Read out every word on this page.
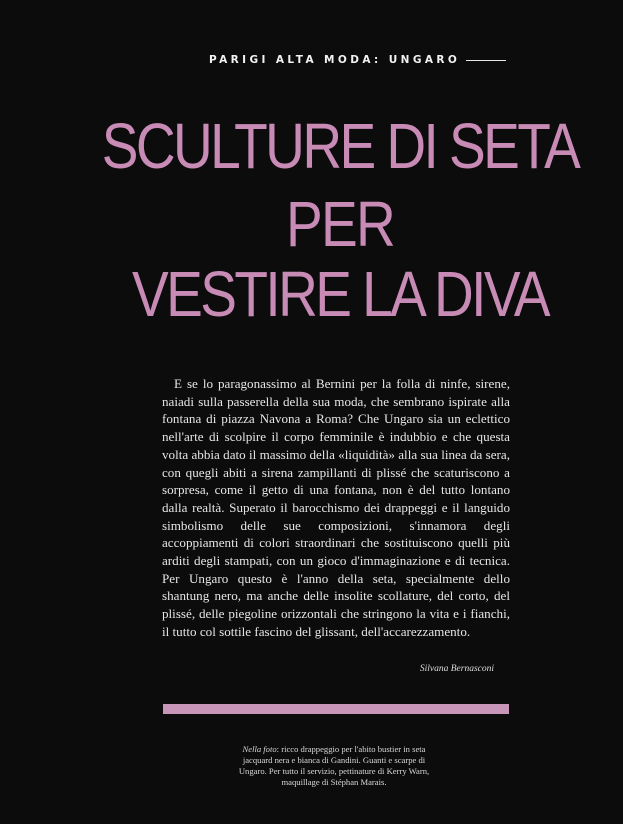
PARIGI ALTA MODA: UNGARO
SCULTURE DI SETA
PER
VESTIRE LA DIVA

E se lo paragonassimo al Bernini per la folla di ninfe, sirene, naiadi sulla passerella della sua moda, che sembrano ispirate alla fontana di piazza Navona a Roma? Che Ungaro sia un eclettico nell'arte di scolpire il corpo femminile è indubbio e che questa volta abbia dato il massimo della «liquidità» alla sua linea da sera, con quegli abiti a sirena zampillanti di plissé che scaturiscono a sorpresa, come il getto di una fontana, non è del tutto lontano dalla realtà. Superato il barocchismo dei drappeggi e il languido simbolismo delle sue composizioni, s'innamora degli accoppiamenti di colori straordinari che sostituiscono quelli più arditi degli stampati, con un gioco d'immaginazione e di tecnica. Per Ungaro questo è l'anno della seta, specialmente dello shantung nero, ma anche delle insolite scollature, del corto, del plissé, delle piegoline orizzontali che stringono la vita e i fianchi, il tutto col sottile fascino del glissant, dell'accarezzamento.

Silvana Bernasconi
Nella foto: ricco drappeggio per l'abito bustier in seta jacquard nera e bianca di Gandini. Guanti e scarpe di Ungaro. Per tutto il servizio, pettinature di Kerry Warn, maquillage di Stéphan Marais.
